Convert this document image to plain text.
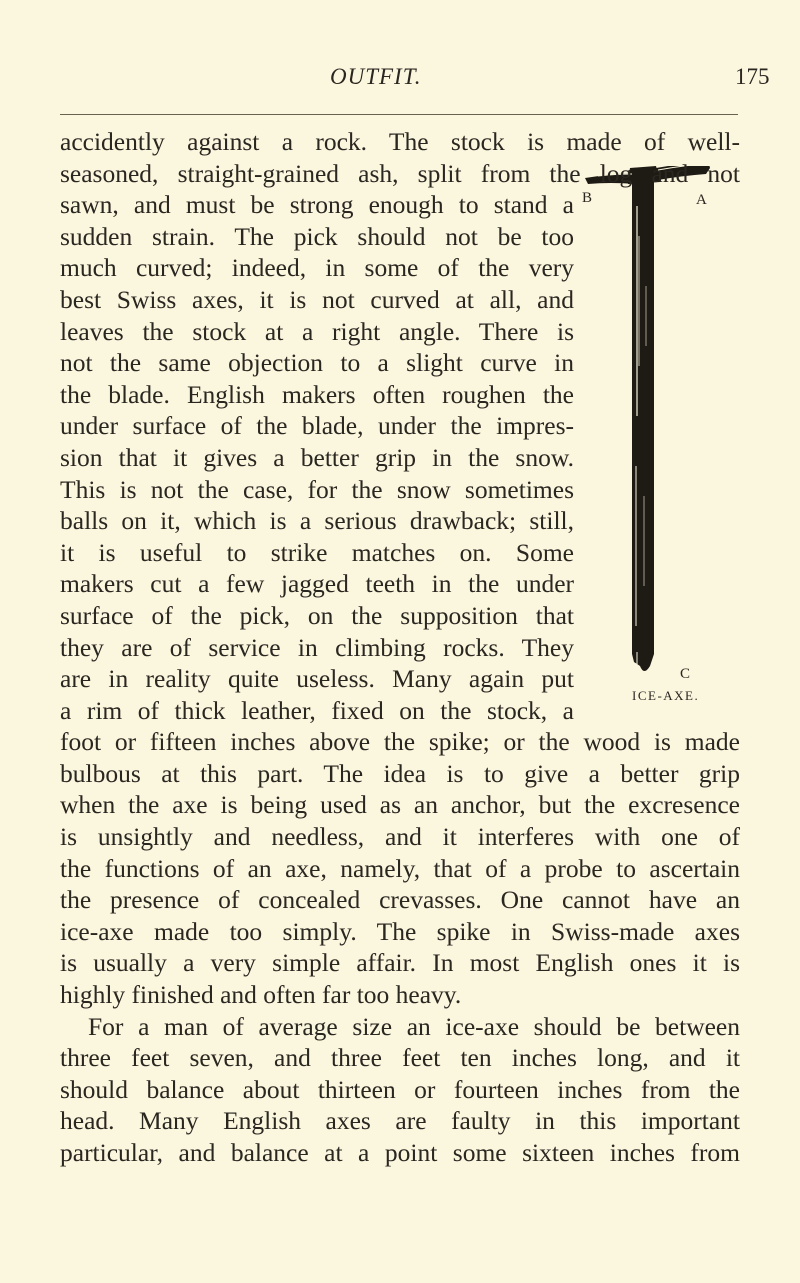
OUTFIT.	175
B	A
C
ICE-AXE.
accidently against a rock. The stock is made of well-
seasoned, straight-grained ash, split from the log and not
sawn, and must be strong enough to stand a
sudden strain. The pick should not be too
much curved; indeed, in some of the very
best Swiss axes, it is not curved at all, and
leaves the stock at a right angle. There is
not the same objection to a slight curve in
the blade. English makers often roughen the
under surface of the blade, under the impres-
sion that it gives a better grip in the snow.
This is not the case, for the snow sometimes
balls on it, which is a serious drawback; still,
it is useful to strike matches on. Some
makers cut a few jagged teeth in the under
surface of the pick, on the supposition that
they are of service in climbing rocks. They
are in reality quite useless. Many again put
a rim of thick leather, fixed on the stock, a
foot or fifteen inches above the spike; or the wood is made
bulbous at this part. The idea is to give a better grip
when the axe is being used as an anchor, but the excresence
is unsightly and needless, and it interferes with one of
the functions of an axe, namely, that of a probe to ascertain
the presence of concealed crevasses. One cannot have an
ice-axe made too simply. The spike in Swiss-made axes
is usually a very simple affair. In most English ones it is
highly finished and often far too heavy.
For a man of average size an ice-axe should be between
three feet seven, and three feet ten inches long, and it
should balance about thirteen or fourteen inches from the
head. Many English axes are faulty in this important
particular, and balance at a point some sixteen inches from
